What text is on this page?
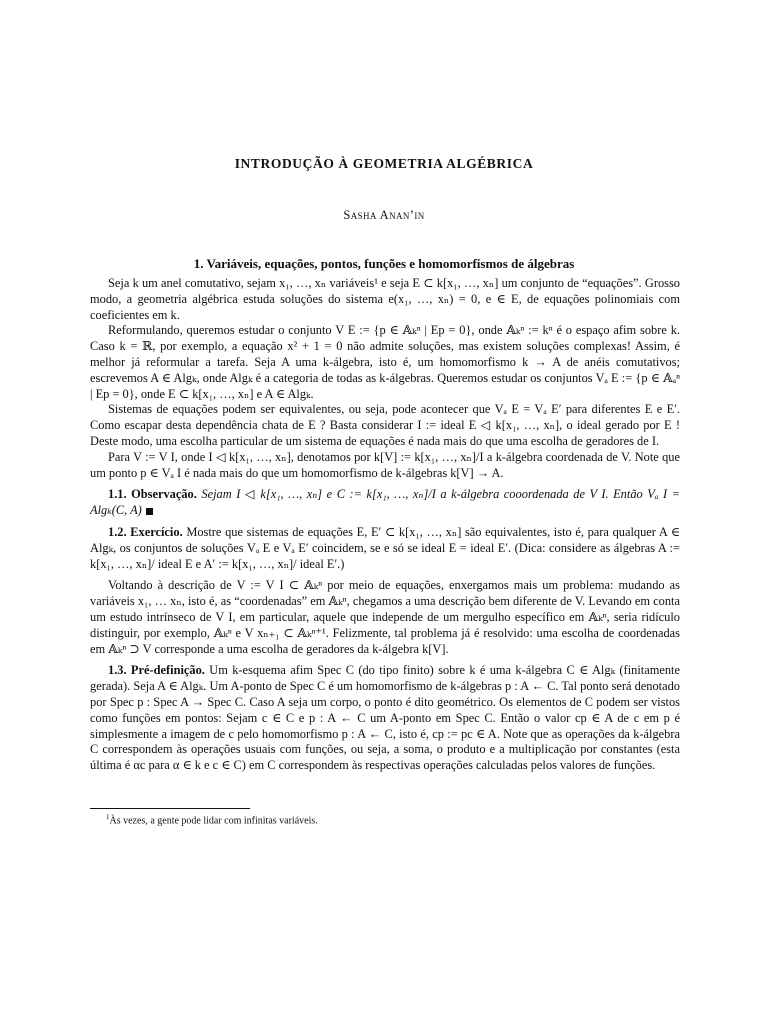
INTRODUÇÃO À GEOMETRIA ALGÉBRICA
Sasha Anan’in
1. Variáveis, equações, pontos, funções e homomorfismos de álgebras

Seja k um anel comutativo, sejam x₁, …, xₙ variáveis¹ e seja E ⊂ k[x₁, …, xₙ] um conjunto de “equações”. Grosso modo, a geometria algébrica estuda soluções do sistema e(x₁, …, xₙ) = 0, e ∈ E, de equações polinomiais com coeficientes em k.

Reformulando, queremos estudar o conjunto V E := {p ∈ 𝔸ₖⁿ | Ep = 0}, onde 𝔸ₖⁿ := kⁿ é o espaço afim sobre k. Caso k = ℝ, por exemplo, a equação x² + 1 = 0 não admite soluções, mas existem soluções complexas! Assim, é melhor já reformular a tarefa. Seja A uma k-álgebra, isto é, um homomorfismo k → A de anéis comutativos; escrevemos A ∈ Algₖ, onde Algₖ é a categoria de todas as k-álgebras. Queremos estudar os conjuntos Vₐ E := {p ∈ 𝔸ₐⁿ | Ep = 0}, onde E ⊂ k[x₁, …, xₙ] e A ∈ Algₖ.

Sistemas de equações podem ser equivalentes, ou seja, pode acontecer que Vₐ E = Vₐ E′ para diferentes E e E′. Como escapar desta dependência chata de E ? Basta considerar I := ideal E ◁ k[x₁, …, xₙ], o ideal gerado por E ! Deste modo, uma escolha particular de um sistema de equações é nada mais do que uma escolha de geradores de I.

Para V := V I, onde I ◁ k[x₁, …, xₙ], denotamos por k[V] := k[x₁, …, xₙ]/I a k-álgebra coordenada de V. Note que um ponto p ∈ Vₐ I é nada mais do que um homomorfismo de k-álgebras k[V] → A.

1.1. Observação. Sejam I ◁ k[x₁, …, xₙ] e C := k[x₁, …, xₙ]/I a k-álgebra cooordenada de V I. Então Vₐ I = Algₖ(C, A)

1.2. Exercício. Mostre que sistemas de equações E, E′ ⊂ k[x₁, …, xₙ] são equivalentes, isto é, para qualquer A ∈ Algₖ, os conjuntos de soluções Vₐ E e Vₐ E′ coincidem, se e só se ideal E = ideal E′. (Dica: considere as álgebras A := k[x₁, …, xₙ]/ ideal E e A′ := k[x₁, …, xₙ]/ ideal E′.)

Voltando à descrição de V := V I ⊂ 𝔸ₖⁿ por meio de equações, enxergamos mais um problema: mudando as variáveis x₁, … xₙ, isto é, as “coordenadas” em 𝔸ₖⁿ, chegamos a uma descrição bem diferente de V. Levando em conta um estudo intrínseco de V I, em particular, aquele que independe de um mergulho específico em 𝔸ₖⁿ, seria ridículo distinguir, por exemplo, 𝔸ₖⁿ e V xₙ₊₁ ⊂ 𝔸ₖⁿ⁺¹. Felizmente, tal problema já é resolvido: uma escolha de coordenadas em 𝔸ₖⁿ ⊃ V corresponde a uma escolha de geradores da k-álgebra k[V].

1.3. Pré-definição. Um k-esquema afim Spec C (do tipo finito) sobre k é uma k-álgebra C ∈ Algₖ (finitamente gerada). Seja A ∈ Algₖ. Um A-ponto de Spec C é um homomorfismo de k-álgebras p : A ← C. Tal ponto será denotado por Spec p : Spec A → Spec C. Caso A seja um corpo, o ponto é dito geométrico. Os elementos de C podem ser vistos como funções em pontos: Sejam c ∈ C e p : A ← C um A-ponto em Spec C. Então o valor cp ∈ A de c em p é simplesmente a imagem de c pelo homomorfismo p : A ← C, isto é, cp := pc ∈ A. Note que as operações da k-álgebra C correspondem às operações usuais com funções, ou seja, a soma, o produto e a multiplicação por constantes (esta última é αc para α ∈ k e c ∈ C) em C correspondem às respectivas operações calculadas pelos valores de funções.

$^1$Às vezes, a gente pode lidar com infinitas variáveis.
